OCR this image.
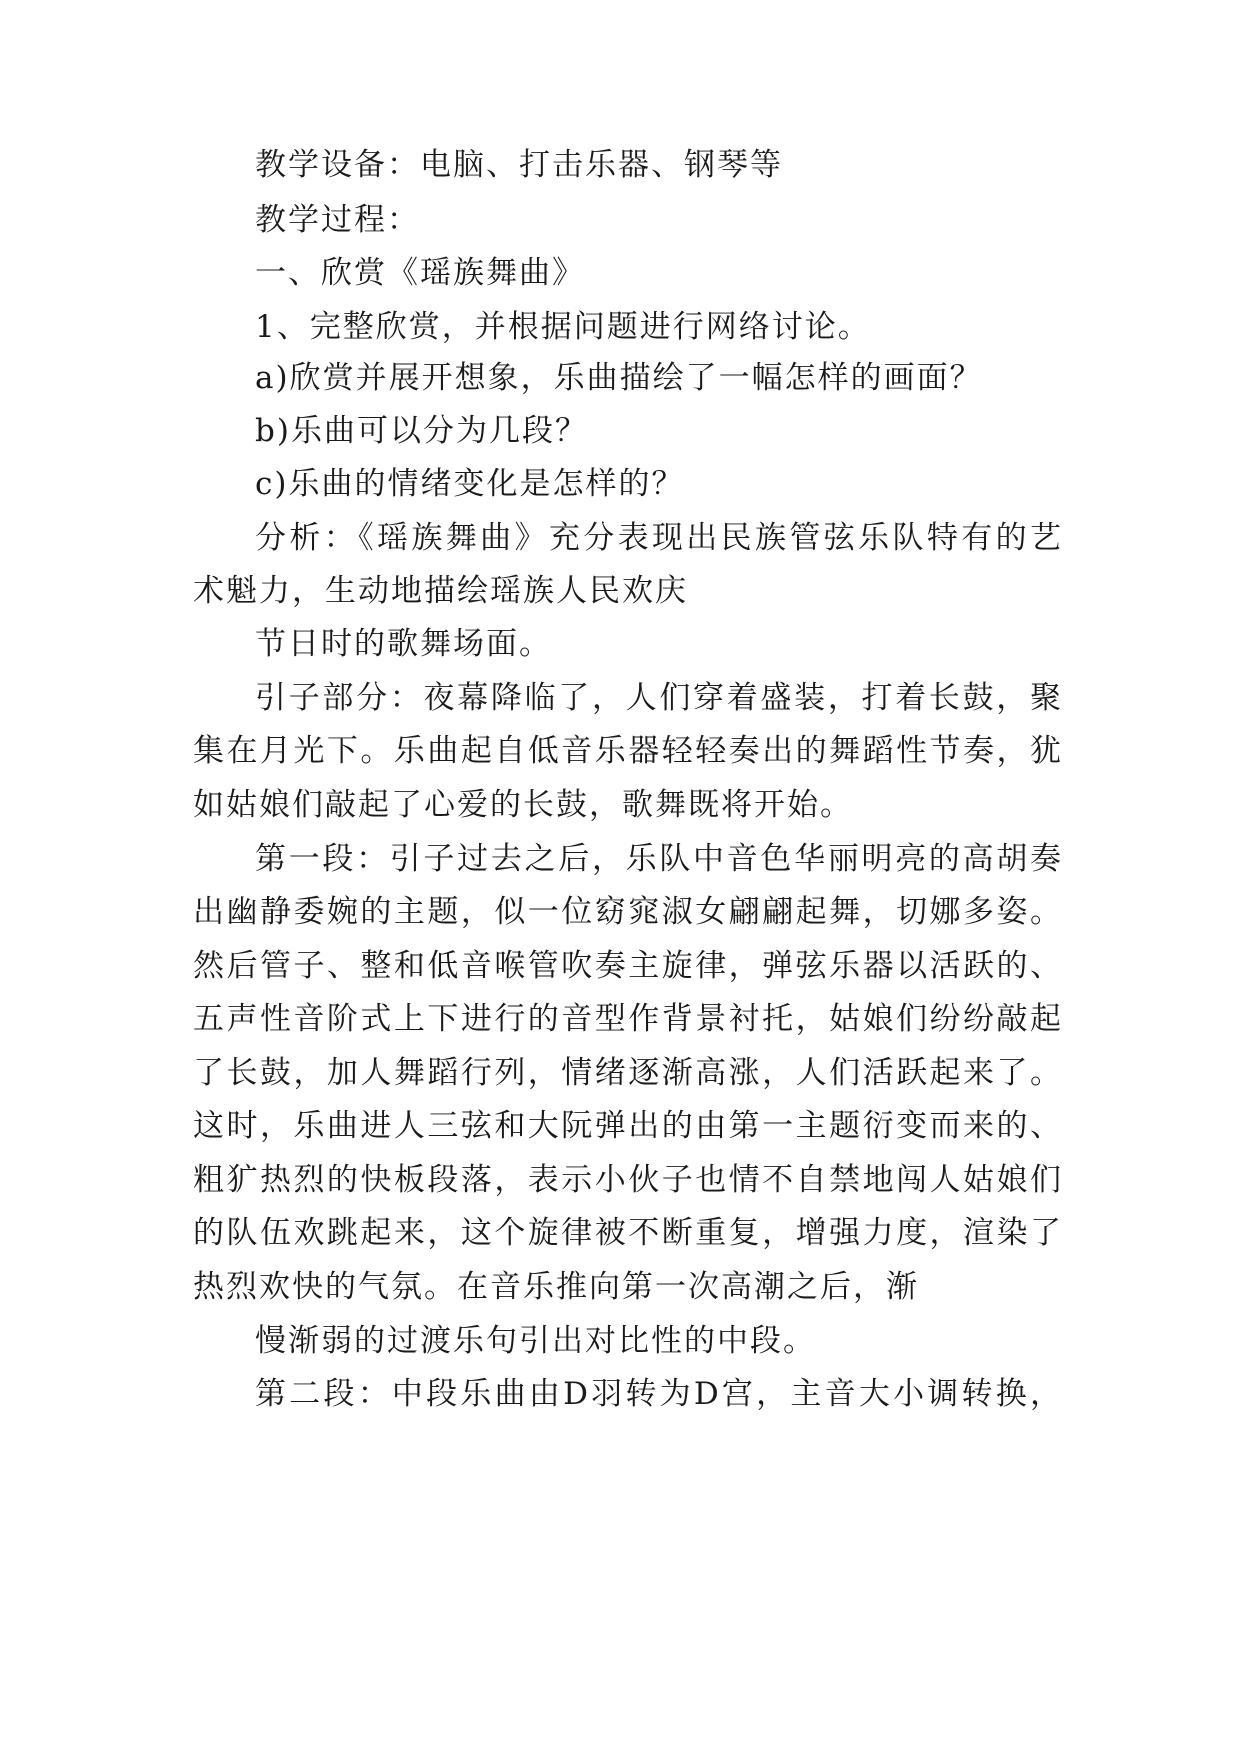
教学设备：电脑、打击乐器、钢琴等
教学过程：
一、欣赏《瑶族舞曲》
1、完整欣赏，并根据问题进行网络讨论。
a)欣赏并展开想象，乐曲描绘了一幅怎样的画面？
b)乐曲可以分为几段？
c)乐曲的情绪变化是怎样的？
分析：《瑶族舞曲》充分表现出民族管弦乐队特有的艺
术魁力，生动地描绘瑶族人民欢庆
节日时的歌舞场面。
引子部分：夜幕降临了，人们穿着盛装，打着长鼓，聚
集在月光下。乐曲起自低音乐器轻轻奏出的舞蹈性节奏，犹
如姑娘们敲起了心爱的长鼓，歌舞既将开始。
第一段：引子过去之后，乐队中音色华丽明亮的高胡奏
出幽静委婉的主题，似一位窈窕淑女翩翩起舞，切娜多姿。
然后管子、整和低音喉管吹奏主旋律，弹弦乐器以活跃的、
五声性音阶式上下进行的音型作背景衬托，姑娘们纷纷敲起
了长鼓，加人舞蹈行列，情绪逐渐高涨，人们活跃起来了。
这时，乐曲进人三弦和大阮弹出的由第一主题衍变而来的、
粗犷热烈的快板段落，表示小伙子也情不自禁地闯人姑娘们
的队伍欢跳起来，这个旋律被不断重复，增强力度，渲染了
热烈欢快的气氛。在音乐推向第一次高潮之后，渐
慢渐弱的过渡乐句引出对比性的中段。
第二段：中段乐曲由D羽转为D宫，主音大小调转换，
